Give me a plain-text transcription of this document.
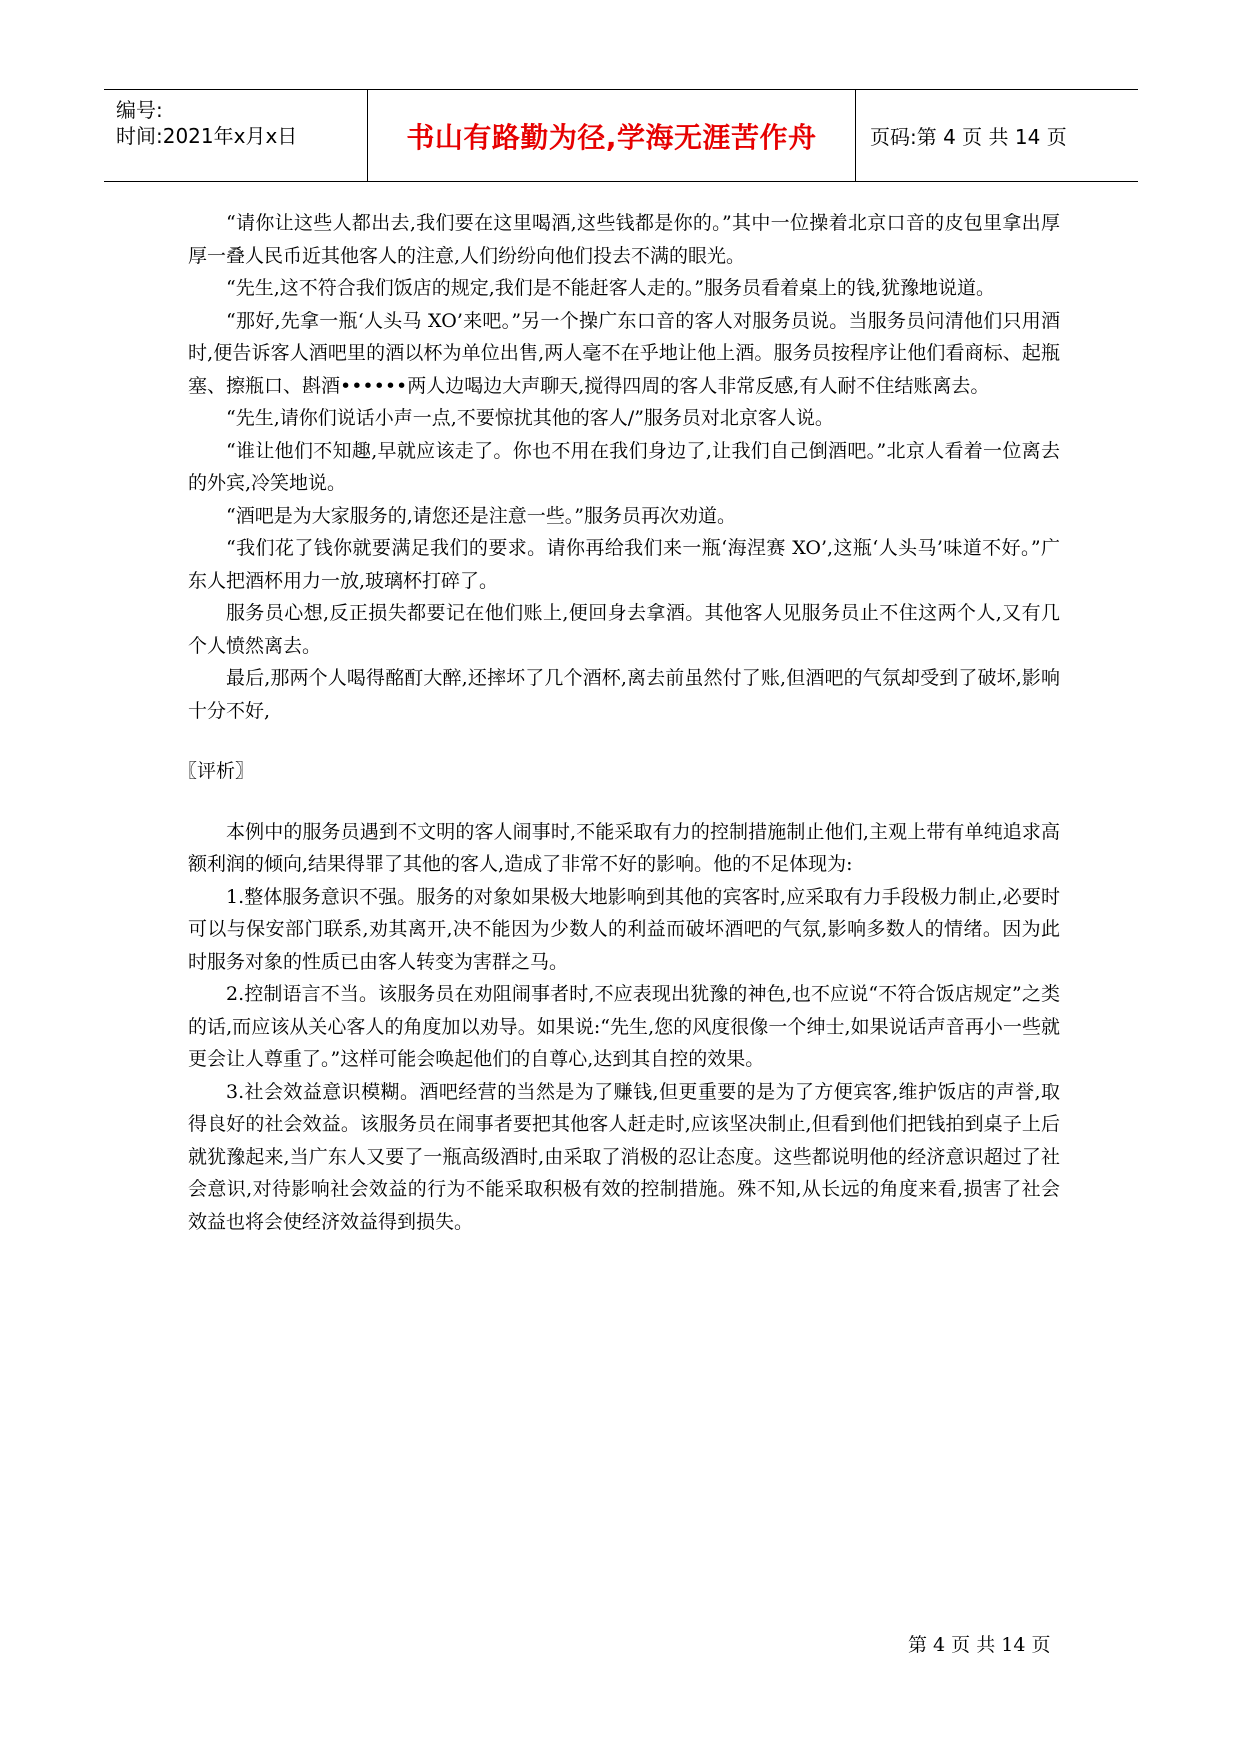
编号:
时间:2021年x月x日	书山有路勤为径,学海无涯苦作舟	页码:第 4 页 共 14 页

“请你让这些人都出去,我们要在这里喝酒,这些钱都是你的。”其中一位操着北京口音的皮包里拿出厚厚一叠人民币近其他客人的注意,人们纷纷向他们投去不满的眼光。

“先生,这不符合我们饭店的规定,我们是不能赶客人走的。”服务员看着桌上的钱,犹豫地说道。

“那好,先拿一瓶‘人头马 XO’来吧。”另一个操广东口音的客人对服务员说。当服务员问清他们只用酒时,便告诉客人酒吧里的酒以杯为单位出售,两人毫不在乎地让他上酒。服务员按程序让他们看商标、起瓶塞、擦瓶口、斟酒••••••两人边喝边大声聊天,搅得四周的客人非常反感,有人耐不住结账离去。

“先生,请你们说话小声一点,不要惊扰其他的客人/”服务员对北京客人说。

“谁让他们不知趣,早就应该走了。你也不用在我们身边了,让我们自己倒酒吧。”北京人看着一位离去的外宾,冷笑地说。

“酒吧是为大家服务的,请您还是注意一些。”服务员再次劝道。

“我们花了钱你就要满足我们的要求。请你再给我们来一瓶‘海涅赛 XO’,这瓶‘人头马’味道不好。”广东人把酒杯用力一放,玻璃杯打碎了。

服务员心想,反正损失都要记在他们账上,便回身去拿酒。其他客人见服务员止不住这两个人,又有几个人愤然离去。

最后,那两个人喝得酩酊大醉,还摔坏了几个酒杯,离去前虽然付了账,但酒吧的气氛却受到了破坏,影响十分不好,

〖评析〗

本例中的服务员遇到不文明的客人闹事时,不能采取有力的控制措施制止他们,主观上带有单纯追求高额利润的倾向,结果得罪了其他的客人,造成了非常不好的影响。他的不足体现为:

1.整体服务意识不强。服务的对象如果极大地影响到其他的宾客时,应采取有力手段极力制止,必要时可以与保安部门联系,劝其离开,决不能因为少数人的利益而破坏酒吧的气氛,影响多数人的情绪。因为此时服务对象的性质已由客人转变为害群之马。

2.控制语言不当。该服务员在劝阻闹事者时,不应表现出犹豫的神色,也不应说“不符合饭店规定”之类的话,而应该从关心客人的角度加以劝导。如果说:“先生,您的风度很像一个绅士,如果说话声音再小一些就更会让人尊重了。”这样可能会唤起他们的自尊心,达到其自控的效果。

3.社会效益意识模糊。酒吧经营的当然是为了赚钱,但更重要的是为了方便宾客,维护饭店的声誉,取得良好的社会效益。该服务员在闹事者要把其他客人赶走时,应该坚决制止,但看到他们把钱拍到桌子上后就犹豫起来,当广东人又要了一瓶高级酒时,由采取了消极的忍让态度。这些都说明他的经济意识超过了社会意识,对待影响社会效益的行为不能采取积极有效的控制措施。殊不知,从长远的角度来看,损害了社会效益也将会使经济效益得到损失。

第 4 页 共 14 页
